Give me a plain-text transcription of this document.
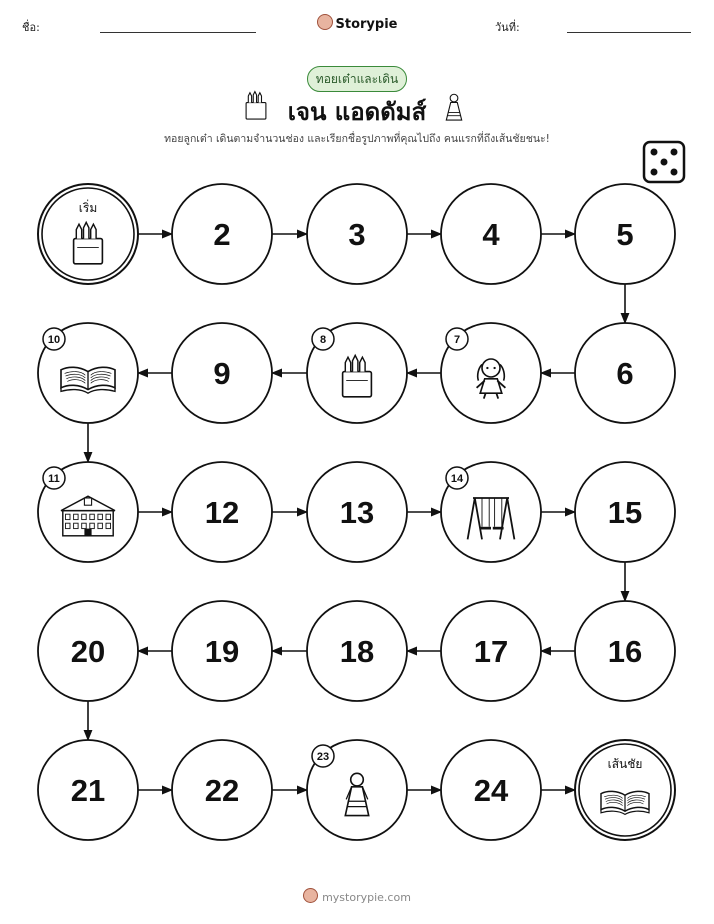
ชื่อ:	Storypie	วันที่:
ทอยเต๋าและเดิน
เจน แอดดัมส์
ทอยลูกเต๋า เดินตามจำนวนช่อง และเรียกชื่อรูปภาพที่คุณไปถึง คนแรกที่ถึงเส้นชัยชนะ!
เริ่ม
2	3	4	5
6
7
8
9
10
11
12	13
14
15
16
17
18
19
20
21	22
23
24
เส้นชัย
mystorypie.com
